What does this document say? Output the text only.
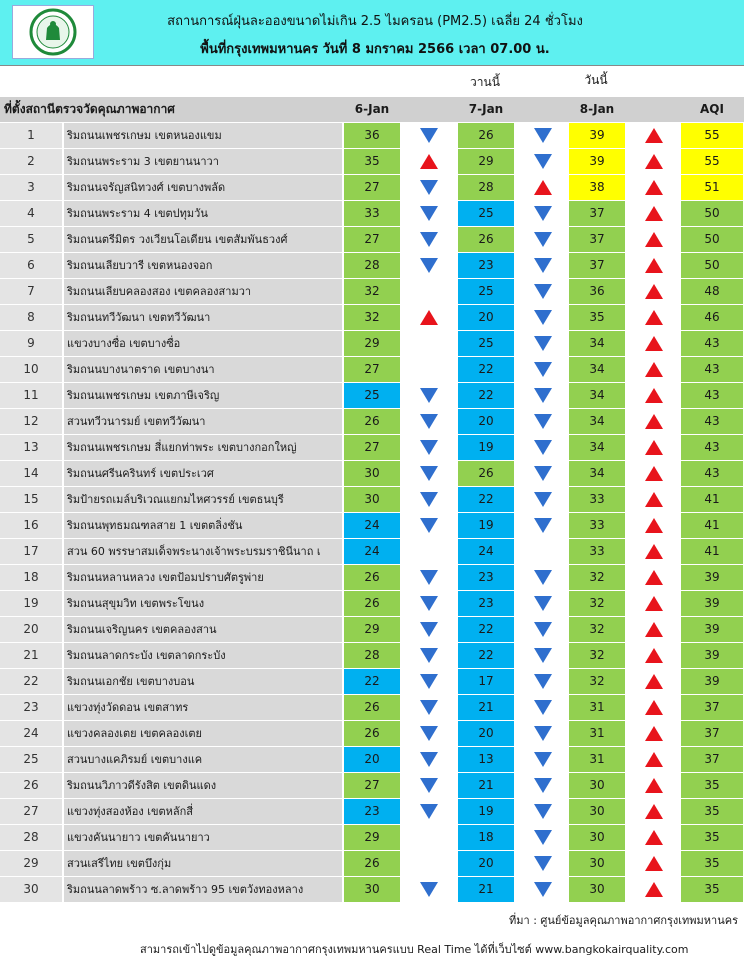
สถานการณ์ฝุ่นละอองขนาดไม่เกิน 2.5 ไมครอน (PM2.5) เฉลี่ย 24 ชั่วโมง
พื้นที่กรุงเทพมหานคร วันที่ 8 มกราคม 2566 เวลา 07.00 น.
วานนี้	วันนี้
ที่ตั้งสถานีตรวจวัดคุณภาพอากาศ	6-Jan	7-Jan	8-Jan	AQI
1	ริมถนนเพชรเกษม เขตหนองแขม	36	26	39	55
2	ริมถนนพระราม 3 เขตยานนาวา	35	29	39	55
3	ริมถนนจรัญสนิทวงศ์ เขตบางพลัด	27	28	38	51
4	ริมถนนพระราม 4 เขตปทุมวัน	33	25	37	50
5	ริมถนนตรีมิตร วงเวียนโอเดียน เขตสัมพันธวงศ์	27	26	37	50
6	ริมถนนเลียบวารี เขตหนองจอก	28	23	37	50
7	ริมถนนเลียบคลองสอง เขตคลองสามวา	32	25	36	48
8	ริมถนนทวีวัฒนา เขตทวีวัฒนา	32	20	35	46
9	แขวงบางซื่อ เขตบางซื่อ	29	25	34	43
10	ริมถนนบางนาตราด เขตบางนา	27	22	34	43
11	ริมถนนเพชรเกษม เขตภาษีเจริญ	25	22	34	43
12	สวนทวีวนารมย์ เขตทวีวัฒนา	26	20	34	43
13	ริมถนนเพชรเกษม สี่แยกท่าพระ เขตบางกอกใหญ่	27	19	34	43
14	ริมถนนศรีนครินทร์ เขตประเวศ	30	26	34	43
15	ริมป้ายรถเมล์บริเวณแยกมไหศวรรย์ เขตธนบุรี	30	22	33	41
16	ริมถนนพุทธมณฑลสาย 1 เขตตลิ่งชัน	24	19	33	41
17	สวน 60 พรรษาสมเด็จพระนางเจ้าพระบรมราชินีนาถ เ	24	24	33	41
18	ริมถนนหลานหลวง เขตป้อมปราบศัตรูพ่าย	26	23	32	39
19	ริมถนนสุขุมวิท เขตพระโขนง	26	23	32	39
20	ริมถนนเจริญนคร เขตคลองสาน	29	22	32	39
21	ริมถนนลาดกระบัง เขตลาดกระบัง	28	22	32	39
22	ริมถนนเอกชัย เขตบางบอน	22	17	32	39
23	แขวงทุ่งวัดดอน เขตสาทร	26	21	31	37
24	แขวงคลองเตย เขตคลองเตย	26	20	31	37
25	สวนบางแคภิรมย์ เขตบางแค	20	13	31	37
26	ริมถนนวิภาวดีรังสิต เขตดินแดง	27	21	30	35
27	แขวงทุ่งสองห้อง เขตหลักสี่	23	19	30	35
28	แขวงคันนายาว เขตคันนายาว	29	18	30	35
29	สวนเสรีไทย เขตบึงกุ่ม	26	20	30	35
30	ริมถนนลาดพร้าว ซ.ลาดพร้าว 95 เขตวังทองหลาง	30	21	30	35
ที่มา : ศูนย์ข้อมูลคุณภาพอากาศกรุงเทพมหานคร
สามารถเข้าไปดูข้อมูลคุณภาพอากาศกรุงเทพมหานครแบบ Real Time ได้ที่เว็บไซต์ www.bangkokairquality.com
